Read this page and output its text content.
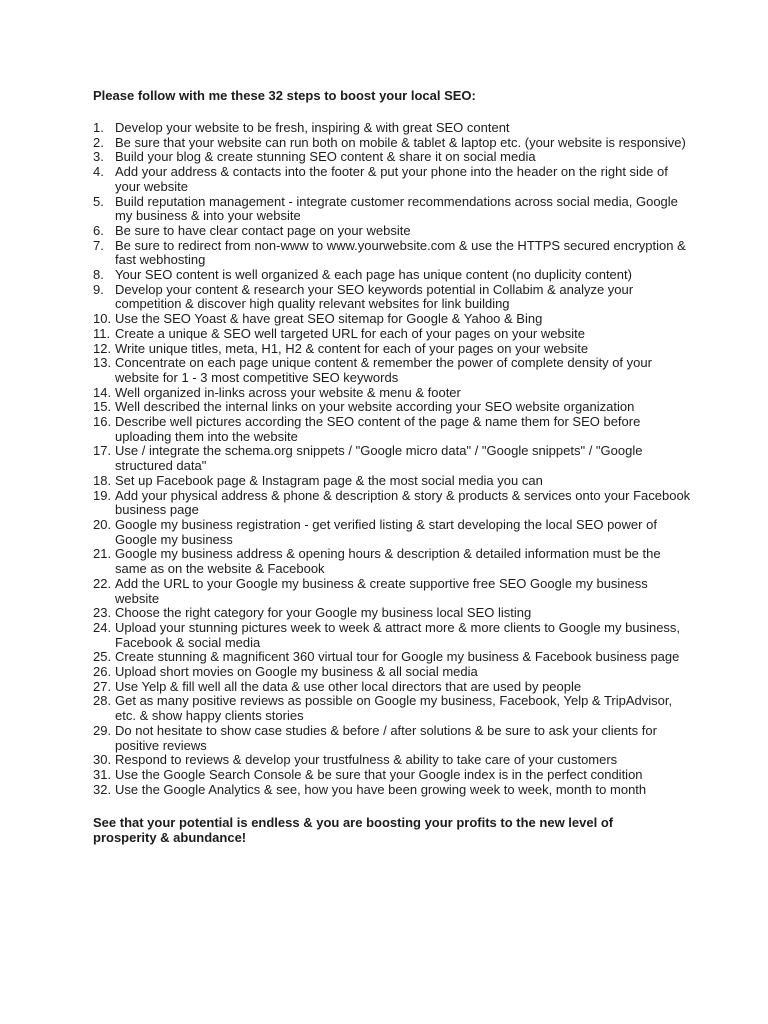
Please follow with me these 32 steps to boost your local SEO:

1. Develop your website to be fresh, inspiring & with great SEO content
2. Be sure that your website can run both on mobile & tablet & laptop etc. (your website is responsive)
3. Build your blog & create stunning SEO content & share it on social media
4. Add your address & contacts into the footer & put your phone into the header on the right side of your website
5. Build reputation management - integrate customer recommendations across social media, Google my business & into your website
6. Be sure to have clear contact page on your website
7. Be sure to redirect from non-www to www.yourwebsite.com & use the HTTPS secured encryption & fast webhosting
8. Your SEO content is well organized & each page has unique content (no duplicity content)
9. Develop your content & research your SEO keywords potential in Collabim & analyze your competition & discover high quality relevant websites for link building
10. Use the SEO Yoast & have great SEO sitemap for Google & Yahoo & Bing
11. Create a unique & SEO well targeted URL for each of your pages on your website
12. Write unique titles, meta, H1, H2 & content for each of your pages on your website
13. Concentrate on each page unique content & remember the power of complete density of your website for 1 - 3 most competitive SEO keywords
14. Well organized in-links across your website & menu & footer
15. Well described the internal links on your website according your SEO website organization
16. Describe well pictures according the SEO content of the page & name them for SEO before uploading them into the website
17. Use / integrate the schema.org snippets / "Google micro data" / "Google snippets" / "Google structured data"
18. Set up Facebook page & Instagram page & the most social media you can
19. Add your physical address & phone & description & story & products & services onto your Facebook business page
20. Google my business registration - get verified listing & start developing the local SEO power of Google my business
21. Google my business address & opening hours & description & detailed information must be the same as on the website & Facebook
22. Add the URL to your Google my business & create supportive free SEO Google my business website
23. Choose the right category for your Google my business local SEO listing
24. Upload your stunning pictures week to week & attract more & more clients to Google my business, Facebook & social media
25. Create stunning & magnificent 360 virtual tour for Google my business & Facebook business page
26. Upload short movies on Google my business & all social media
27. Use Yelp & fill well all the data & use other local directors that are used by people
28. Get as many positive reviews as possible on Google my business, Facebook, Yelp & TripAdvisor, etc. & show happy clients stories
29. Do not hesitate to show case studies & before / after solutions & be sure to ask your clients for positive reviews
30. Respond to reviews & develop your trustfulness & ability to take care of your customers
31. Use the Google Search Console & be sure that your Google index is in the perfect condition
32. Use the Google Analytics & see, how you have been growing week to week, month to month

See that your potential is endless & you are boosting your profits to the new level of prosperity & abundance!
